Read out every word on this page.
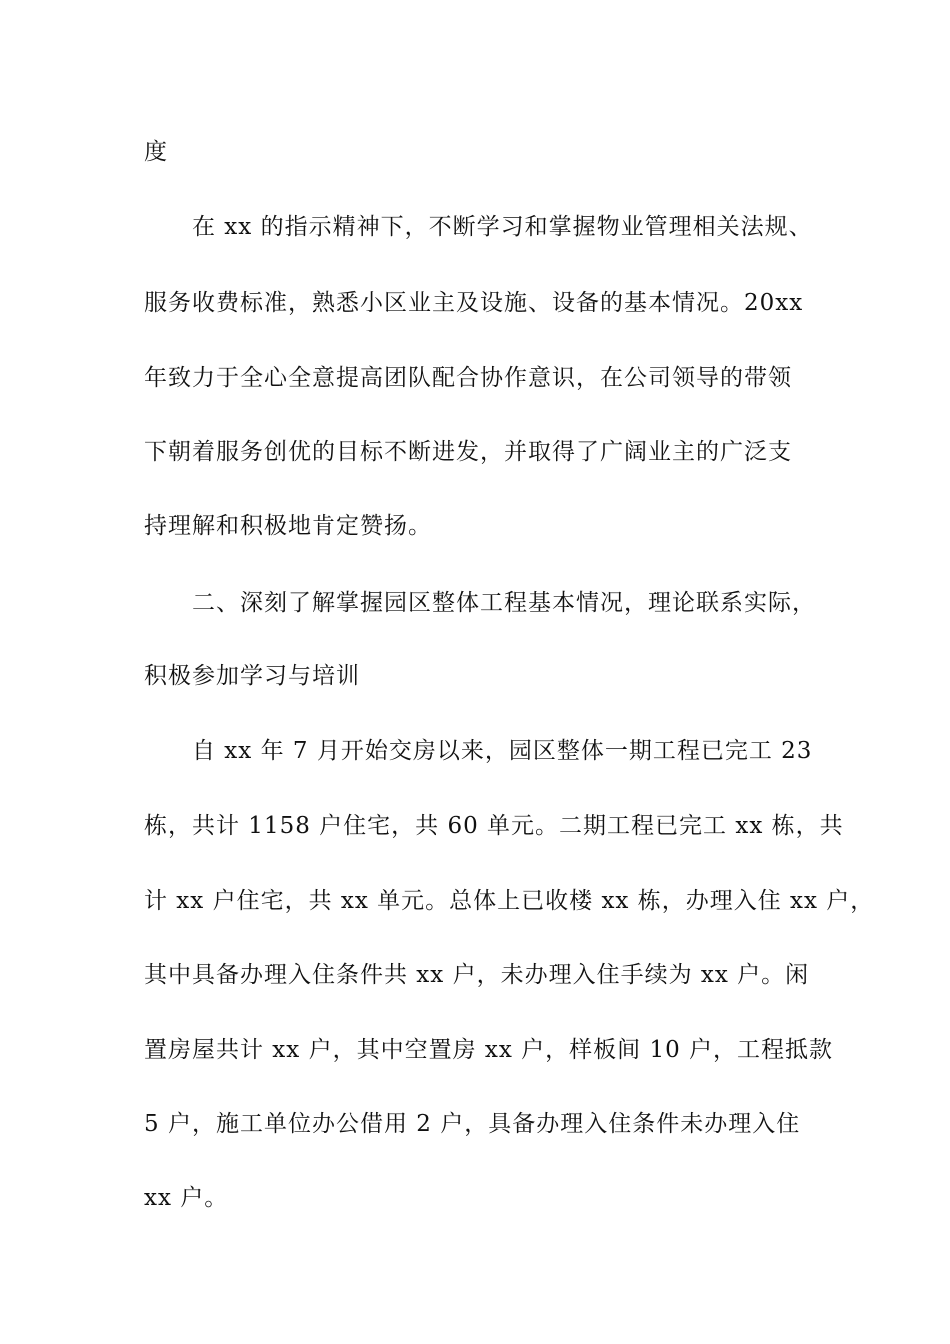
度

在 xx 的指示精神下，不断学习和掌握物业管理相关法规、

服务收费标准，熟悉小区业主及设施、设备的基本情况。20xx

年致力于全心全意提高团队配合协作意识，在公司领导的带领

下朝着服务创优的目标不断进发，并取得了广阔业主的广泛支

持理解和积极地肯定赞扬。

二、深刻了解掌握园区整体工程基本情况，理论联系实际，

积极参加学习与培训

自 xx 年 7 月开始交房以来，园区整体一期工程已完工 23

栋，共计 1158 户住宅，共 60 单元。二期工程已完工 xx 栋，共

计 xx 户住宅，共 xx 单元。总体上已收楼 xx 栋，办理入住 xx 户，

其中具备办理入住条件共 xx 户，未办理入住手续为 xx 户。闲

置房屋共计 xx 户，其中空置房 xx 户，样板间 10 户，工程抵款

5 户，施工单位办公借用 2 户，具备办理入住条件未办理入住

xx 户。
